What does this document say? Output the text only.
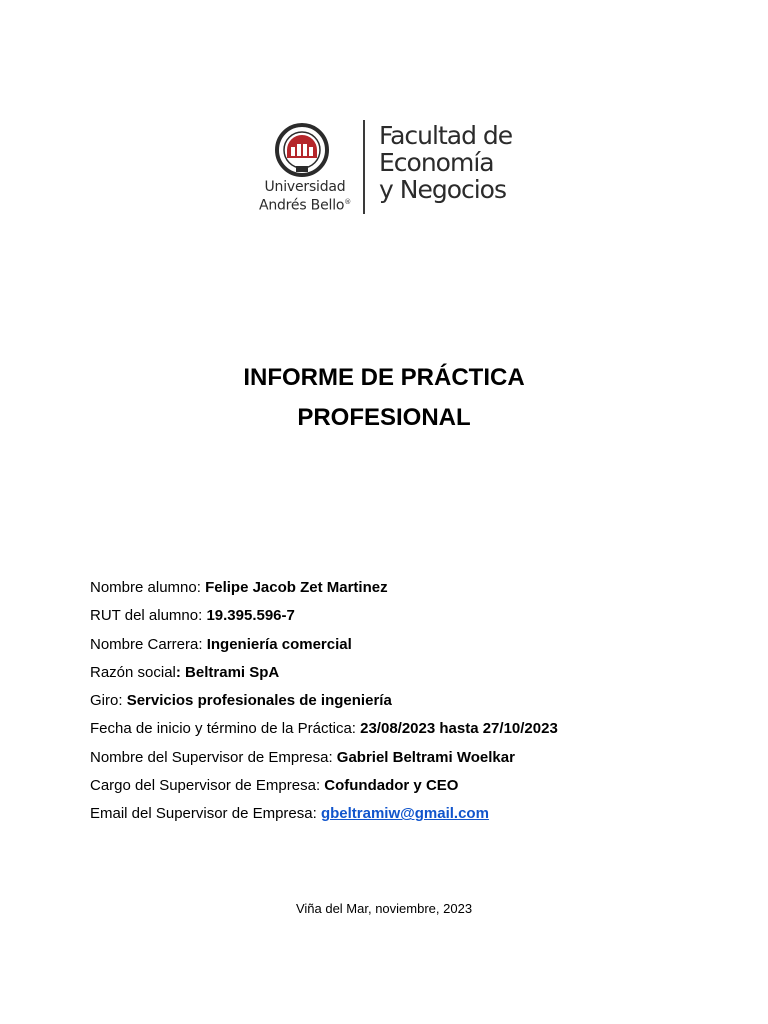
Universidad
Andrés Bello®
Facultad de
Economía
y Negocios
INFORME DE PRÁCTICA
PROFESIONAL
Nombre alumno: Felipe Jacob Zet Martinez
RUT del alumno: 19.395.596-7
Nombre Carrera: Ingeniería comercial
Razón social: Beltrami SpA
Giro: Servicios profesionales de ingeniería
Fecha de inicio y término de la Práctica: 23/08/2023 hasta 27/10/2023
Nombre del Supervisor de Empresa: Gabriel Beltrami Woelkar
Cargo del Supervisor de Empresa: Cofundador y CEO
Email del Supervisor de Empresa: gbeltramiw@gmail.com
Viña del Mar, noviembre, 2023
